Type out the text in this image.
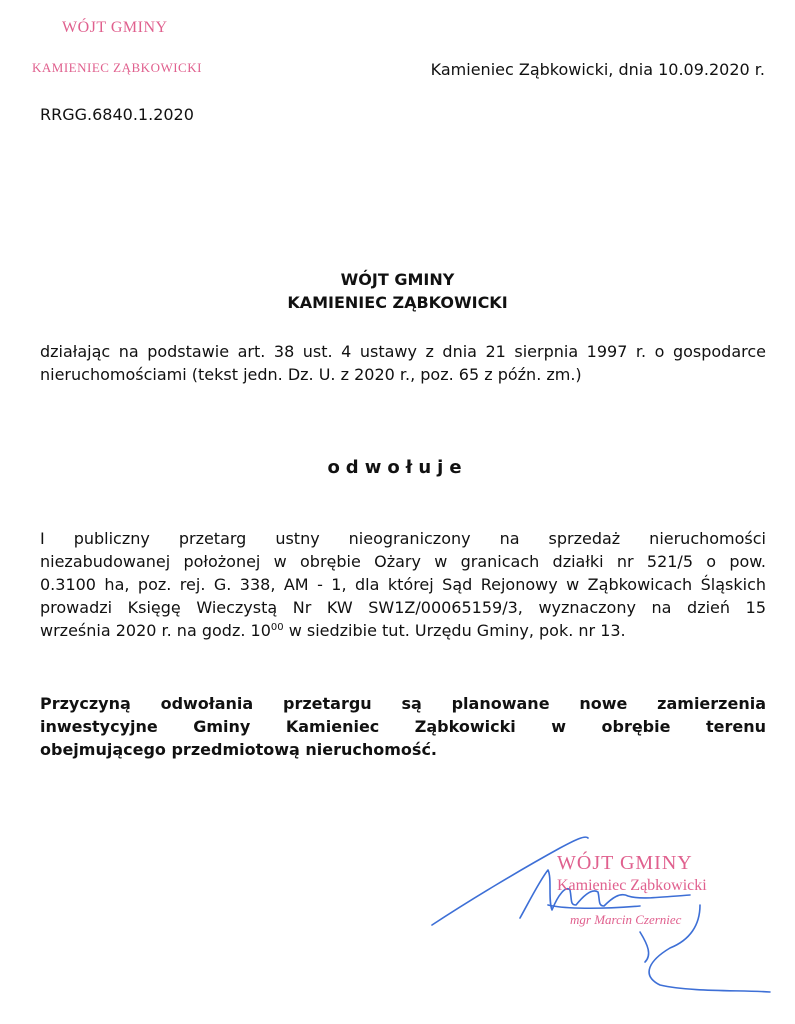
WÓJT GMINY
KAMIENIEC ZĄBKOWICKI	Kamieniec Ząbkowicki, dnia 10.09.2020 r.
RRGG.6840.1.2020
WÓJT GMINY
KAMIENIEC ZĄBKOWICKI
działając na podstawie art. 38 ust. 4 ustawy z dnia 21 sierpnia 1997 r. o gospodarce
nieruchomościami (tekst jedn. Dz. U. z 2020 r., poz. 65 z późn. zm.)
odwołuje
I publiczny przetarg ustny nieograniczony na sprzedaż nieruchomości
niezabudowanej położonej w obrębie Ożary w granicach działki nr 521/5 o pow.
0.3100 ha, poz. rej. G. 338, AM - 1, dla której Sąd Rejonowy w Ząbkowicach Śląskich
prowadzi Księgę Wieczystą Nr KW SW1Z/00065159/3, wyznaczony na dzień 15
września 2020 r. na godz. $10^{00}$ w siedzibie tut. Urzędu Gminy, pok. nr 13.
Przyczyną odwołania przetargu są planowane nowe zamierzenia
inwestycyjne Gminy Kamieniec Ząbkowicki w obrębie terenu
obejmującego przedmiotową nieruchomość.
WÓJT GMINY
Kamieniec Ząbkowicki
mgr Marcin Czerniec
